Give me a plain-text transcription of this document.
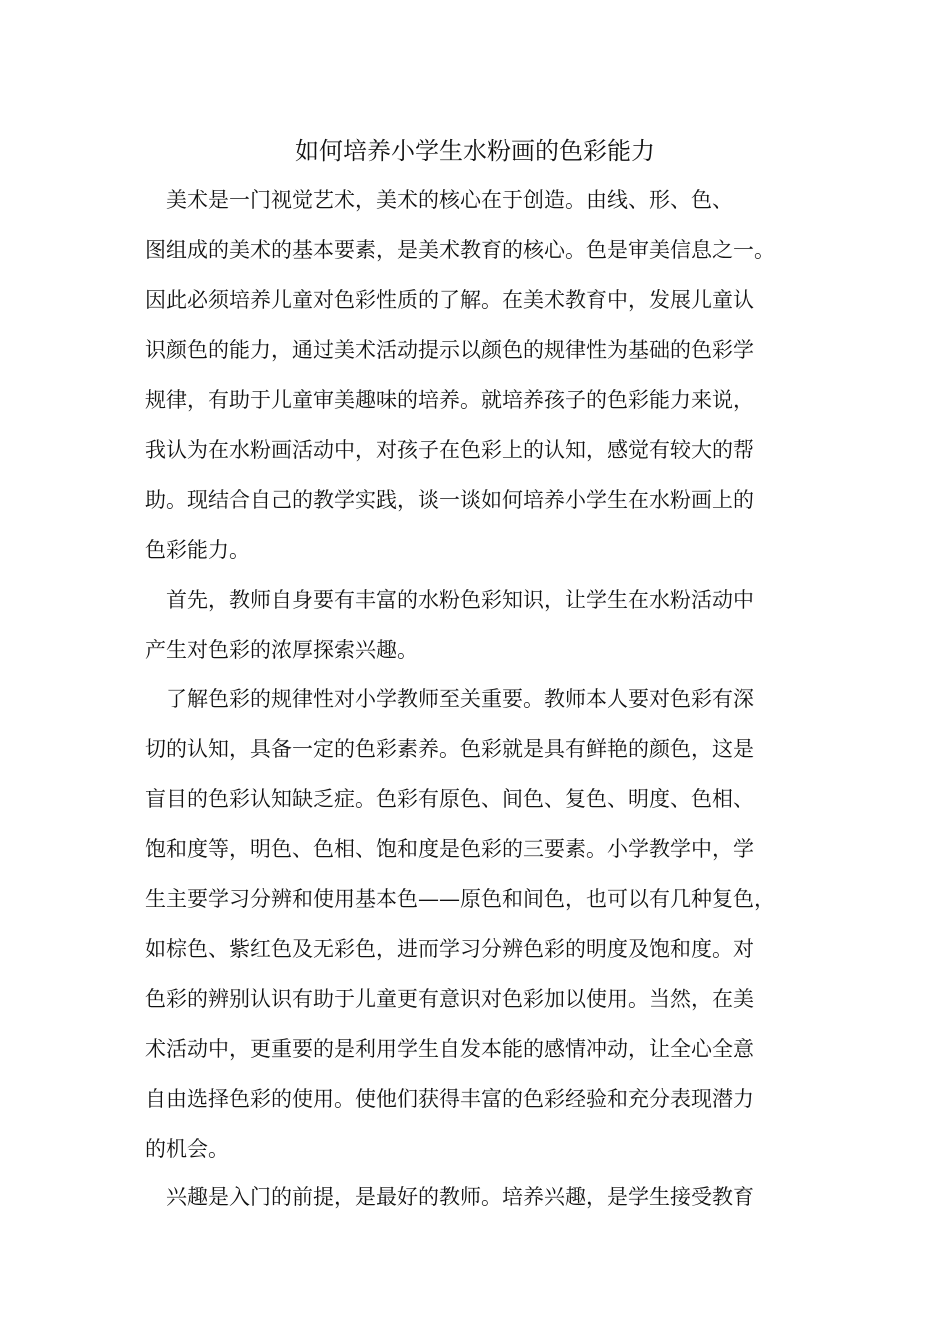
如何培养小学生水粉画的色彩能力
　美术是一门视觉艺术，美术的核心在于创造。由线、形、色、
图组成的美术的基本要素，是美术教育的核心。色是审美信息之一。
因此必须培养儿童对色彩性质的了解。在美术教育中，发展儿童认
识颜色的能力，通过美术活动提示以颜色的规律性为基础的色彩学
规律，有助于儿童审美趣味的培养。就培养孩子的色彩能力来说，
我认为在水粉画活动中，对孩子在色彩上的认知，感觉有较大的帮
助。现结合自己的教学实践，谈一谈如何培养小学生在水粉画上的
色彩能力。
　首先，教师自身要有丰富的水粉色彩知识，让学生在水粉活动中
产生对色彩的浓厚探索兴趣。
　了解色彩的规律性对小学教师至关重要。教师本人要对色彩有深
切的认知，具备一定的色彩素养。色彩就是具有鲜艳的颜色，这是
盲目的色彩认知缺乏症。色彩有原色、间色、复色、明度、色相、
饱和度等，明色、色相、饱和度是色彩的三要素。小学教学中，学
生主要学习分辨和使用基本色——原色和间色，也可以有几种复色，
如棕色、紫红色及无彩色，进而学习分辨色彩的明度及饱和度。对
色彩的辨别认识有助于儿童更有意识对色彩加以使用。当然，在美
术活动中，更重要的是利用学生自发本能的感情冲动，让全心全意
自由选择色彩的使用。使他们获得丰富的色彩经验和充分表现潜力
的机会。
　兴趣是入门的前提，是最好的教师。培养兴趣，是学生接受教育
